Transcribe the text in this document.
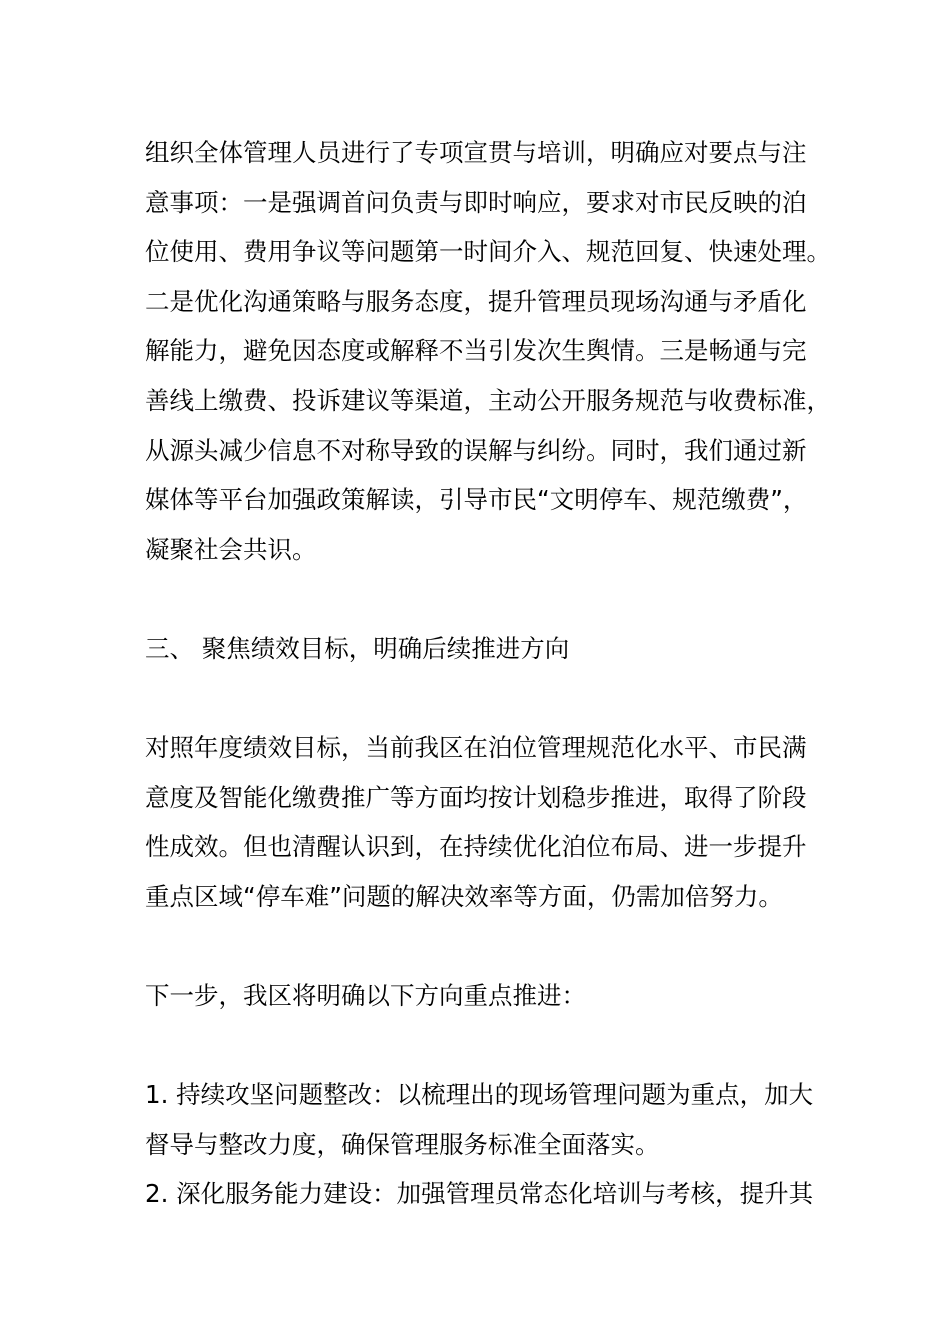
组织全体管理人员进行了专项宣贯与培训，明确应对要点与注
意事项：一是强调首问负责与即时响应，要求对市民反映的泊
位使用、费用争议等问题第一时间介入、规范回复、快速处理。
二是优化沟通策略与服务态度，提升管理员现场沟通与矛盾化
解能力，避免因态度或解释不当引发次生舆情。三是畅通与完
善线上缴费、投诉建议等渠道，主动公开服务规范与收费标准，
从源头减少信息不对称导致的误解与纠纷。同时，我们通过新
媒体等平台加强政策解读，引导市民“文明停车、规范缴费”，
凝聚社会共识。
三、 聚焦绩效目标，明确后续推进方向
对照年度绩效目标，当前我区在泊位管理规范化水平、市民满
意度及智能化缴费推广等方面均按计划稳步推进，取得了阶段
性成效。但也清醒认识到，在持续优化泊位布局、进一步提升
重点区域“停车难”问题的解决效率等方面，仍需加倍努力。
下一步，我区将明确以下方向重点推进：
1. 持续攻坚问题整改：以梳理出的现场管理问题为重点，加大
督导与整改力度，确保管理服务标准全面落实。
2. 深化服务能力建设：加强管理员常态化培训与考核，提升其
